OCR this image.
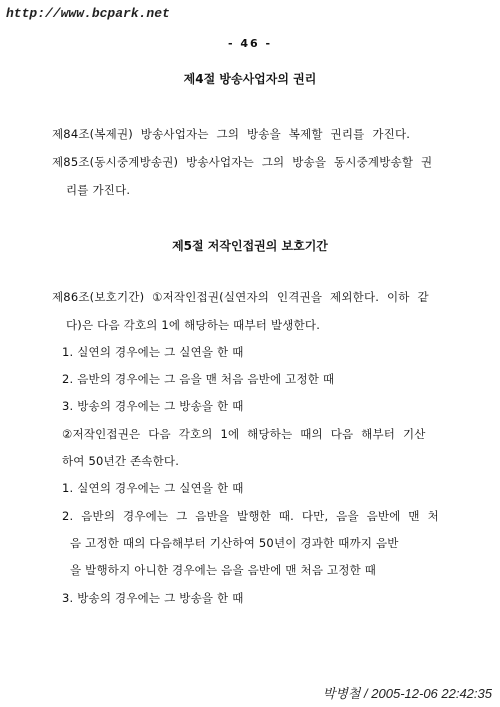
http://www.bcpark.net
- 46 -
제4절 방송사업자의 권리
제84조(복제권) 방송사업자는 그의 방송을 복제할 권리를 가진다.
제85조(동시중계방송권) 방송사업자는 그의 방송을 동시중계방송할 권
리를 가진다.
제5절 저작인접권의 보호기간
제86조(보호기간) ①저작인접권(실연자의 인격권을 제외한다. 이하 같
다)은 다음 각호의 1에 해당하는 때부터 발생한다.
1. 실연의 경우에는 그 실연을 한 때
2. 음반의 경우에는 그 음을 맨 처음 음반에 고정한 때
3. 방송의 경우에는 그 방송을 한 때
②저작인접권은 다음 각호의 1에 해당하는 때의 다음 해부터 기산
하여 50년간 존속한다.
1. 실연의 경우에는 그 실연을 한 때
2. 음반의 경우에는 그 음반을 발행한 때. 다만, 음을 음반에 맨 처
음 고정한 때의 다음해부터 기산하여 50년이 경과한 때까지 음반
을 발행하지 아니한 경우에는 음을 음반에 맨 처음 고정한 때
3. 방송의 경우에는 그 방송을 한 때
박병철 / 2005-12-06 22:42:35
